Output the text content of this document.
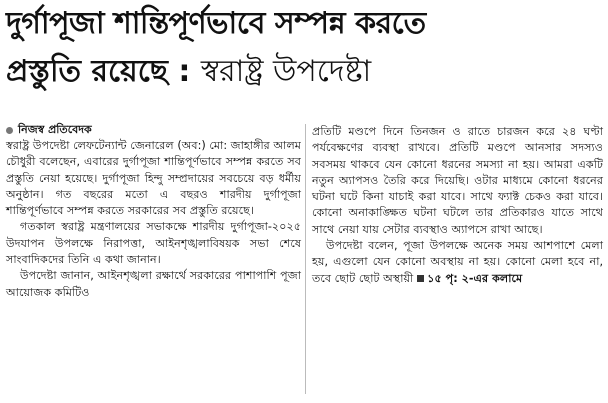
দুর্গাপূজা শান্তিপূর্ণভাবে সম্পন্ন করতে
প্রস্তুতি রয়েছে : স্বরাষ্ট্র উপদেষ্টা
নিজস্ব প্রতিবেদক

স্বরাষ্ট্র উপদেষ্টা লেফটেন্যান্ট জেনারেল (অব:) মো: জাহাঙ্গীর আলম চৌধুরী বলেছেন, এবারের দুর্গাপূজা শান্তিপূর্ণভাবে সম্পন্ন করতে সব প্রস্তুতি নেয়া হয়েছে। দুর্গাপূজা হিন্দু সম্প্রদায়ের সবচেয়ে বড় ধর্মীয় অনুষ্ঠান। গত বছরের মতো এ বছরও শারদীয় দুর্গাপূজা শান্তিপূর্ণভাবে সম্পন্ন করতে সরকারের সব প্রস্তুতি রয়েছে।

গতকাল স্বরাষ্ট্র মন্ত্রণালয়ের সভাকক্ষে শারদীয় দুর্গাপূজা-২০২৫ উদযাপন উপলক্ষে নিরাপত্তা, আইনশৃঙ্খলাবিষয়ক সভা শেষে সাংবাদিকদের তিনি এ কথা জানান।

উপদেষ্টা জানান, আইনশৃঙ্খলা রক্ষার্থে সরকারের পাশাপাশি পূজা আয়োজক কমিটিও

প্রতিটি মণ্ডপে দিনে তিনজন ও রাতে চারজন করে ২৪ ঘণ্টা পর্যবেক্ষণের ব্যবস্থা রাখবে। প্রতিটি মণ্ডপে আনসার সদস্যও সবসময় থাকবে যেন কোনো ধরনের সমস্যা না হয়। আমরা একটি নতুন অ্যাপসও তৈরি করে দিয়েছি। ওটার মাধ্যমে কোনো ধরনের ঘটনা ঘটে কিনা যাচাই করা যাবে। সাথে ফ্যাক্ট চেকও করা যাবে। কোনো অনাকাঙ্ক্ষিত ঘটনা ঘটলে তার প্রতিকারও যাতে সাথে সাথে নেয়া যায় সেটার ব্যবস্থাও অ্যাপসে রাখা আছে।

উপদেষ্টা বলেন, পূজা উপলক্ষে অনেক সময় আশপাশে মেলা হয়, এগুলো যেন কোনো অবস্থায় না হয়। কোনো মেলা হবে না, তবে ছোট ছোট অস্থায়ী ১৫ পৃ: ২-এর কলামে
